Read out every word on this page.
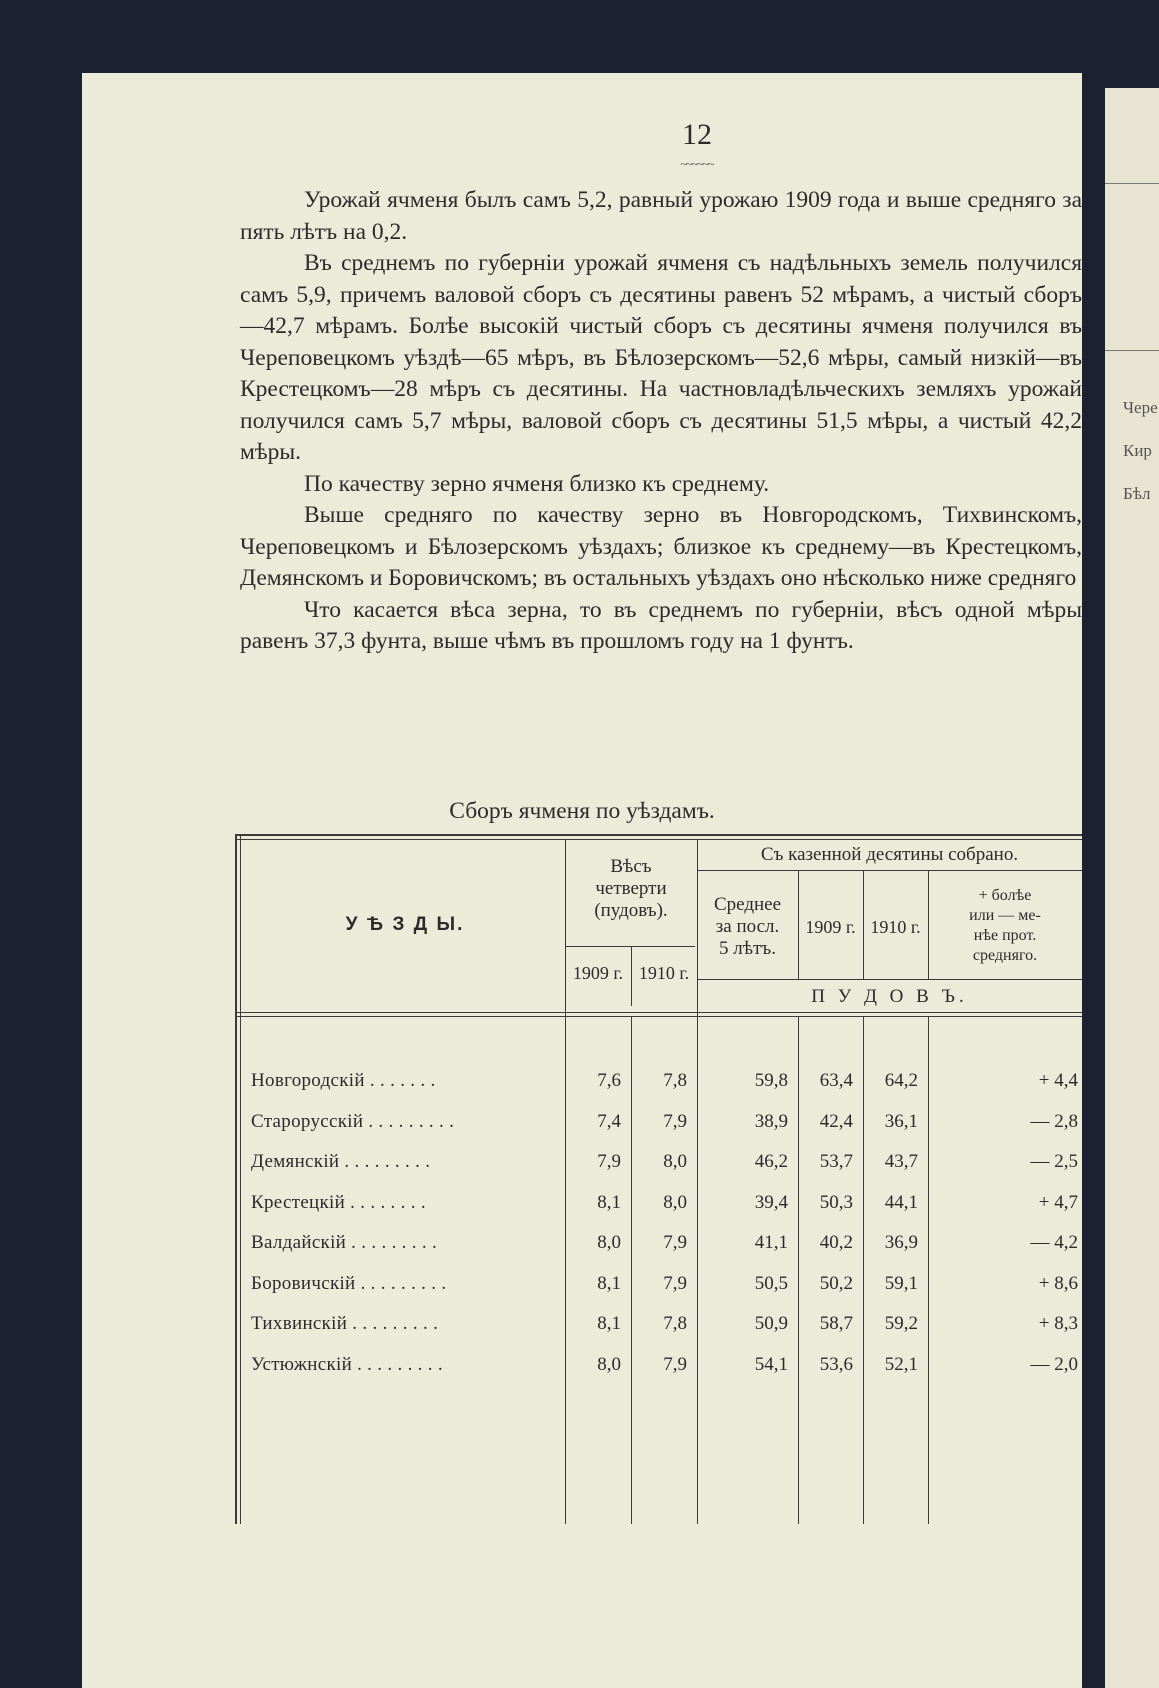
12
~~~~~~

Урожай ячменя былъ самъ 5,2, равный урожаю 1909 года и выше средняго за пять лѣтъ на 0,2.

Въ среднемъ по губерніи урожай ячменя съ надѣльныхъ земель получился самъ 5,9, причемъ валовой сборъ съ десятины равенъ 52 мѣрамъ, а чистый сборъ —42,7 мѣрамъ. Болѣе высокій чистый сборъ съ десятины ячменя получился въ Череповецкомъ уѣздѣ—65 мѣръ, въ Бѣлозерскомъ—52,6 мѣры, самый низкій—въ Крестецкомъ—28 мѣръ съ десятины. На частновладѣльческихъ земляхъ урожай получился самъ 5,7 мѣры, валовой сборъ съ десятины 51,5 мѣры, а чистый 42,2 мѣры.

По качеству зерно ячменя близко къ среднему.

Выше средняго по качеству зерно въ Новгородскомъ, Тихвинскомъ, Череповецкомъ и Бѣлозерскомъ уѣздахъ; близкое къ среднему—въ Крестецкомъ, Демянскомъ и Боровичскомъ; въ остальныхъ уѣздахъ оно нѣсколько ниже средняго

Что касается вѣса зерна, то въ среднемъ по губерніи, вѣсъ одной мѣры равенъ 37,3 фунта, выше чѣмъ въ прошломъ году на 1 фунтъ.

Сборъ ячменя по уѣздамъ.
У Ѣ З Д Ы.
Вѣсъ
четверти
(пудовъ).
1909 г. 1910 г.
Съ казенной десятины собрано.
Среднее
за посл.
5 лѣтъ.
1909 г. 1910 г.
+ болѣе
или — ме-
нѣе прот.
средняго.
П У Д О В Ъ.
Новгородскій . . . . . . .	7,6	7,8	59,8	63,4	64,2	+ 4,4
Старорусскій . . . . . . . . .	7,4	7,9	38,9	42,4	36,1	— 2,8
Демянскій . . . . . . . . .	7,9	8,0	46,2	53,7	43,7	— 2,5
Крестецкій . . . . . . . .	8,1	8,0	39,4	50,3	44,1	+ 4,7
Валдайскій . . . . . . . . .	8,0	7,9	41,1	40,2	36,9	— 4,2
Боровичскій . . . . . . . . .	8,1	7,9	50,5	50,2	59,1	+ 8,6
Тихвинскій . . . . . . . . .	8,1	7,8	50,9	58,7	59,2	+ 8,3
Устюжнскій . . . . . . . . .	8,0	7,9	54,1	53,6	52,1	— 2,0
Чере
Кир
Бѣл
